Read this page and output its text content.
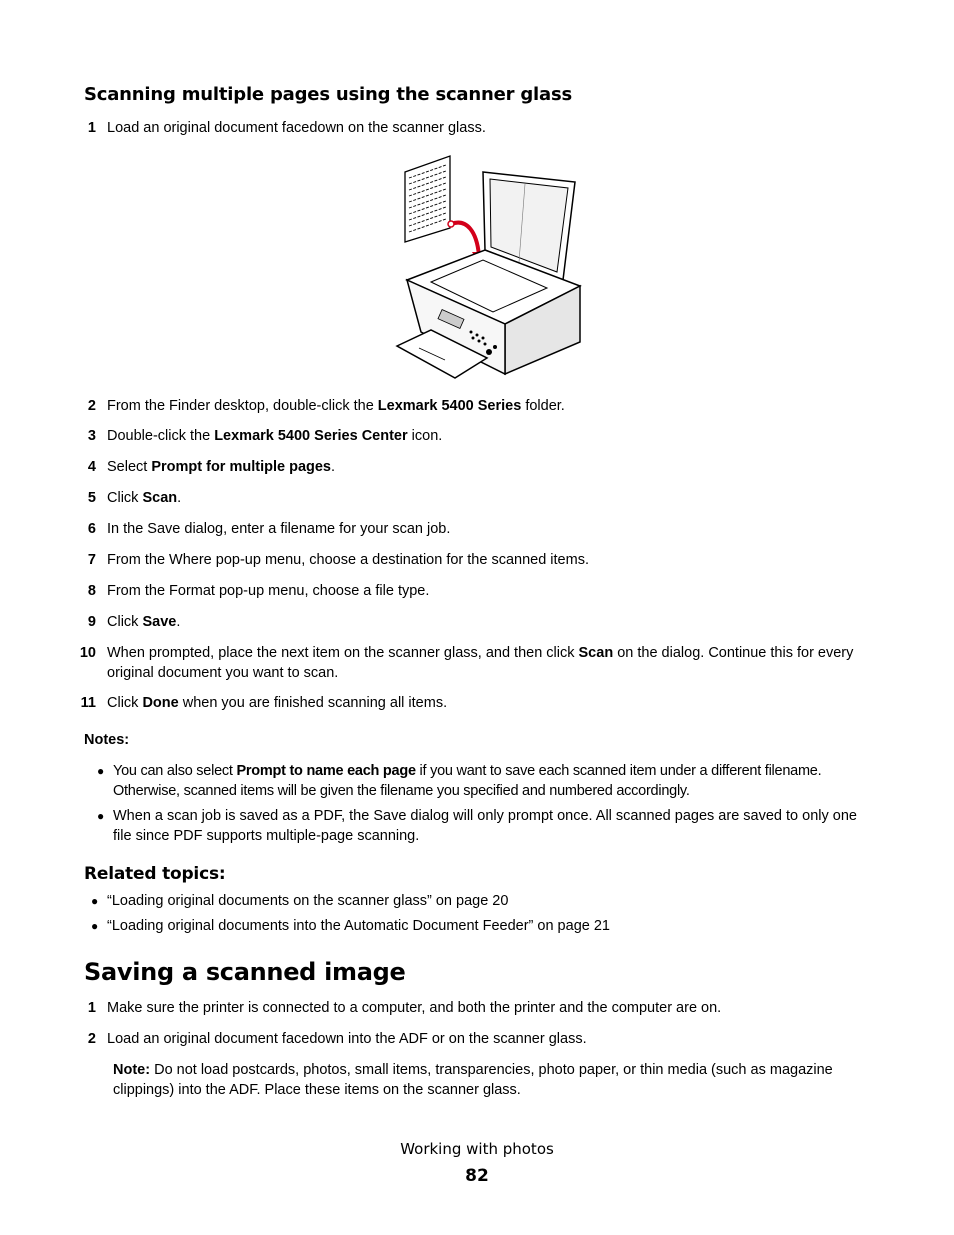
Scanning multiple pages using the scanner glass
1 Load an original document facedown on the scanner glass.
2 From the Finder desktop, double-click the Lexmark 5400 Series folder.
3 Double-click the Lexmark 5400 Series Center icon.
4 Select Prompt for multiple pages.
5 Click Scan.
6 In the Save dialog, enter a filename for your scan job.
7 From the Where pop-up menu, choose a destination for the scanned items.
8 From the Format pop-up menu, choose a file type.
9 Click Save.
10 When prompted, place the next item on the scanner glass, and then click Scan on the dialog. Continue this for every original document you want to scan.
11 Click Done when you are finished scanning all items.
Notes:
● You can also select Prompt to name each page if you want to save each scanned item under a different filename. Otherwise, scanned items will be given the filename you specified and numbered accordingly.
● When a scan job is saved as a PDF, the Save dialog will only prompt once. All scanned pages are saved to only one file since PDF supports multiple-page scanning.
Related topics:
● “Loading original documents on the scanner glass” on page 20
● “Loading original documents into the Automatic Document Feeder” on page 21
Saving a scanned image
1 Make sure the printer is connected to a computer, and both the printer and the computer are on.
2 Load an original document facedown into the ADF or on the scanner glass.
Note: Do not load postcards, photos, small items, transparencies, photo paper, or thin media (such as magazine clippings) into the ADF. Place these items on the scanner glass.
Working with photos
82
